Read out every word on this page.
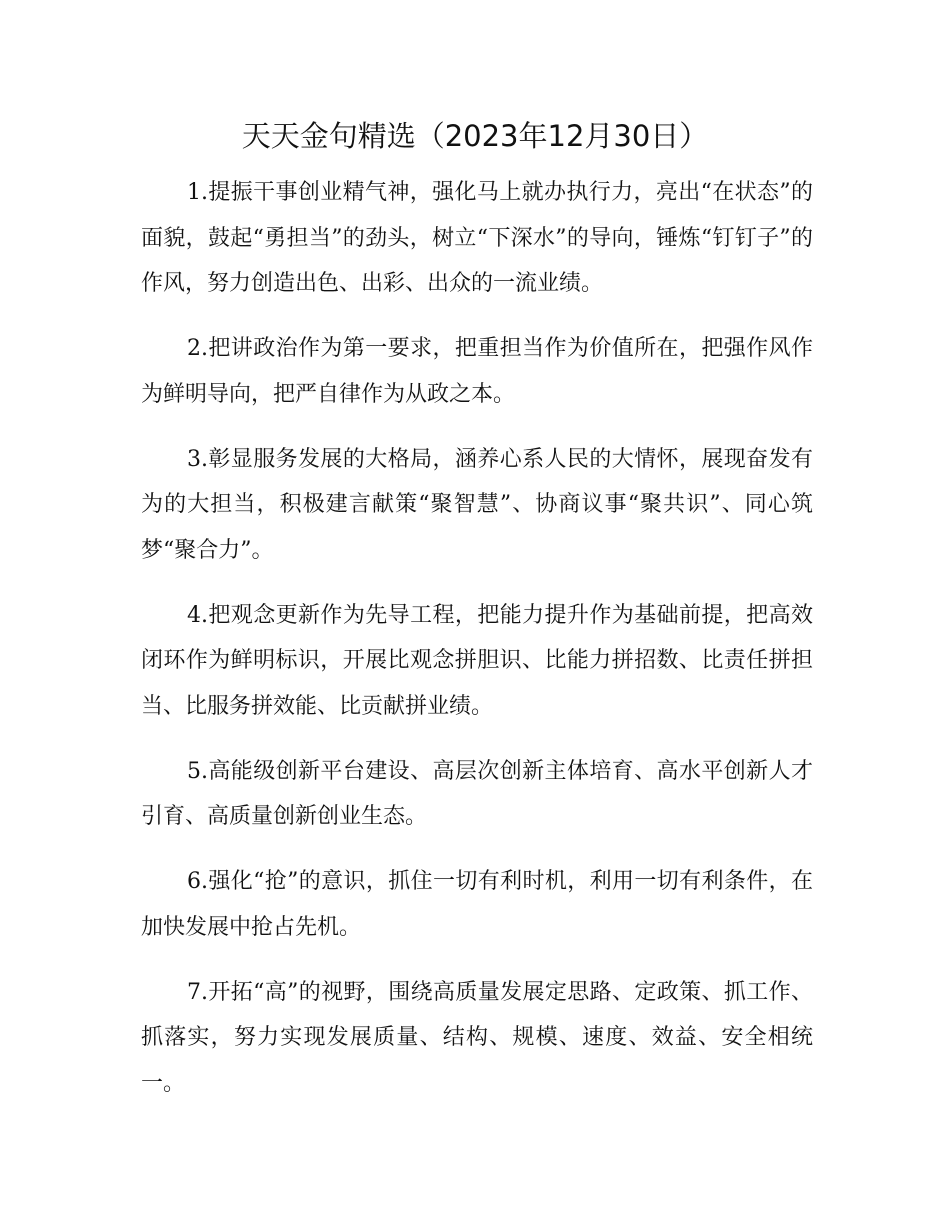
天天金句精选（2023年12月30日）

1.提振干事创业精气神，强化马上就办执行力，亮出“在状态”的面貌，鼓起“勇担当”的劲头，树立“下深水”的导向，锤炼“钉钉子”的作风，努力创造出色、出彩、出众的一流业绩。

2.把讲政治作为第一要求，把重担当作为价值所在，把强作风作为鲜明导向，把严自律作为从政之本。

3.彰显服务发展的大格局，涵养心系人民的大情怀，展现奋发有为的大担当，积极建言献策“聚智慧”、协商议事“聚共识”、同心筑梦“聚合力”。

4.把观念更新作为先导工程，把能力提升作为基础前提，把高效闭环作为鲜明标识，开展比观念拼胆识、比能力拼招数、比责任拼担当、比服务拼效能、比贡献拼业绩。

5.高能级创新平台建设、高层次创新主体培育、高水平创新人才引育、高质量创新创业生态。

6.强化“抢”的意识，抓住一切有利时机，利用一切有利条件，在加快发展中抢占先机。

7.开拓“高”的视野，围绕高质量发展定思路、定政策、抓工作、抓落实，努力实现发展质量、结构、规模、速度、效益、安全相统一。
